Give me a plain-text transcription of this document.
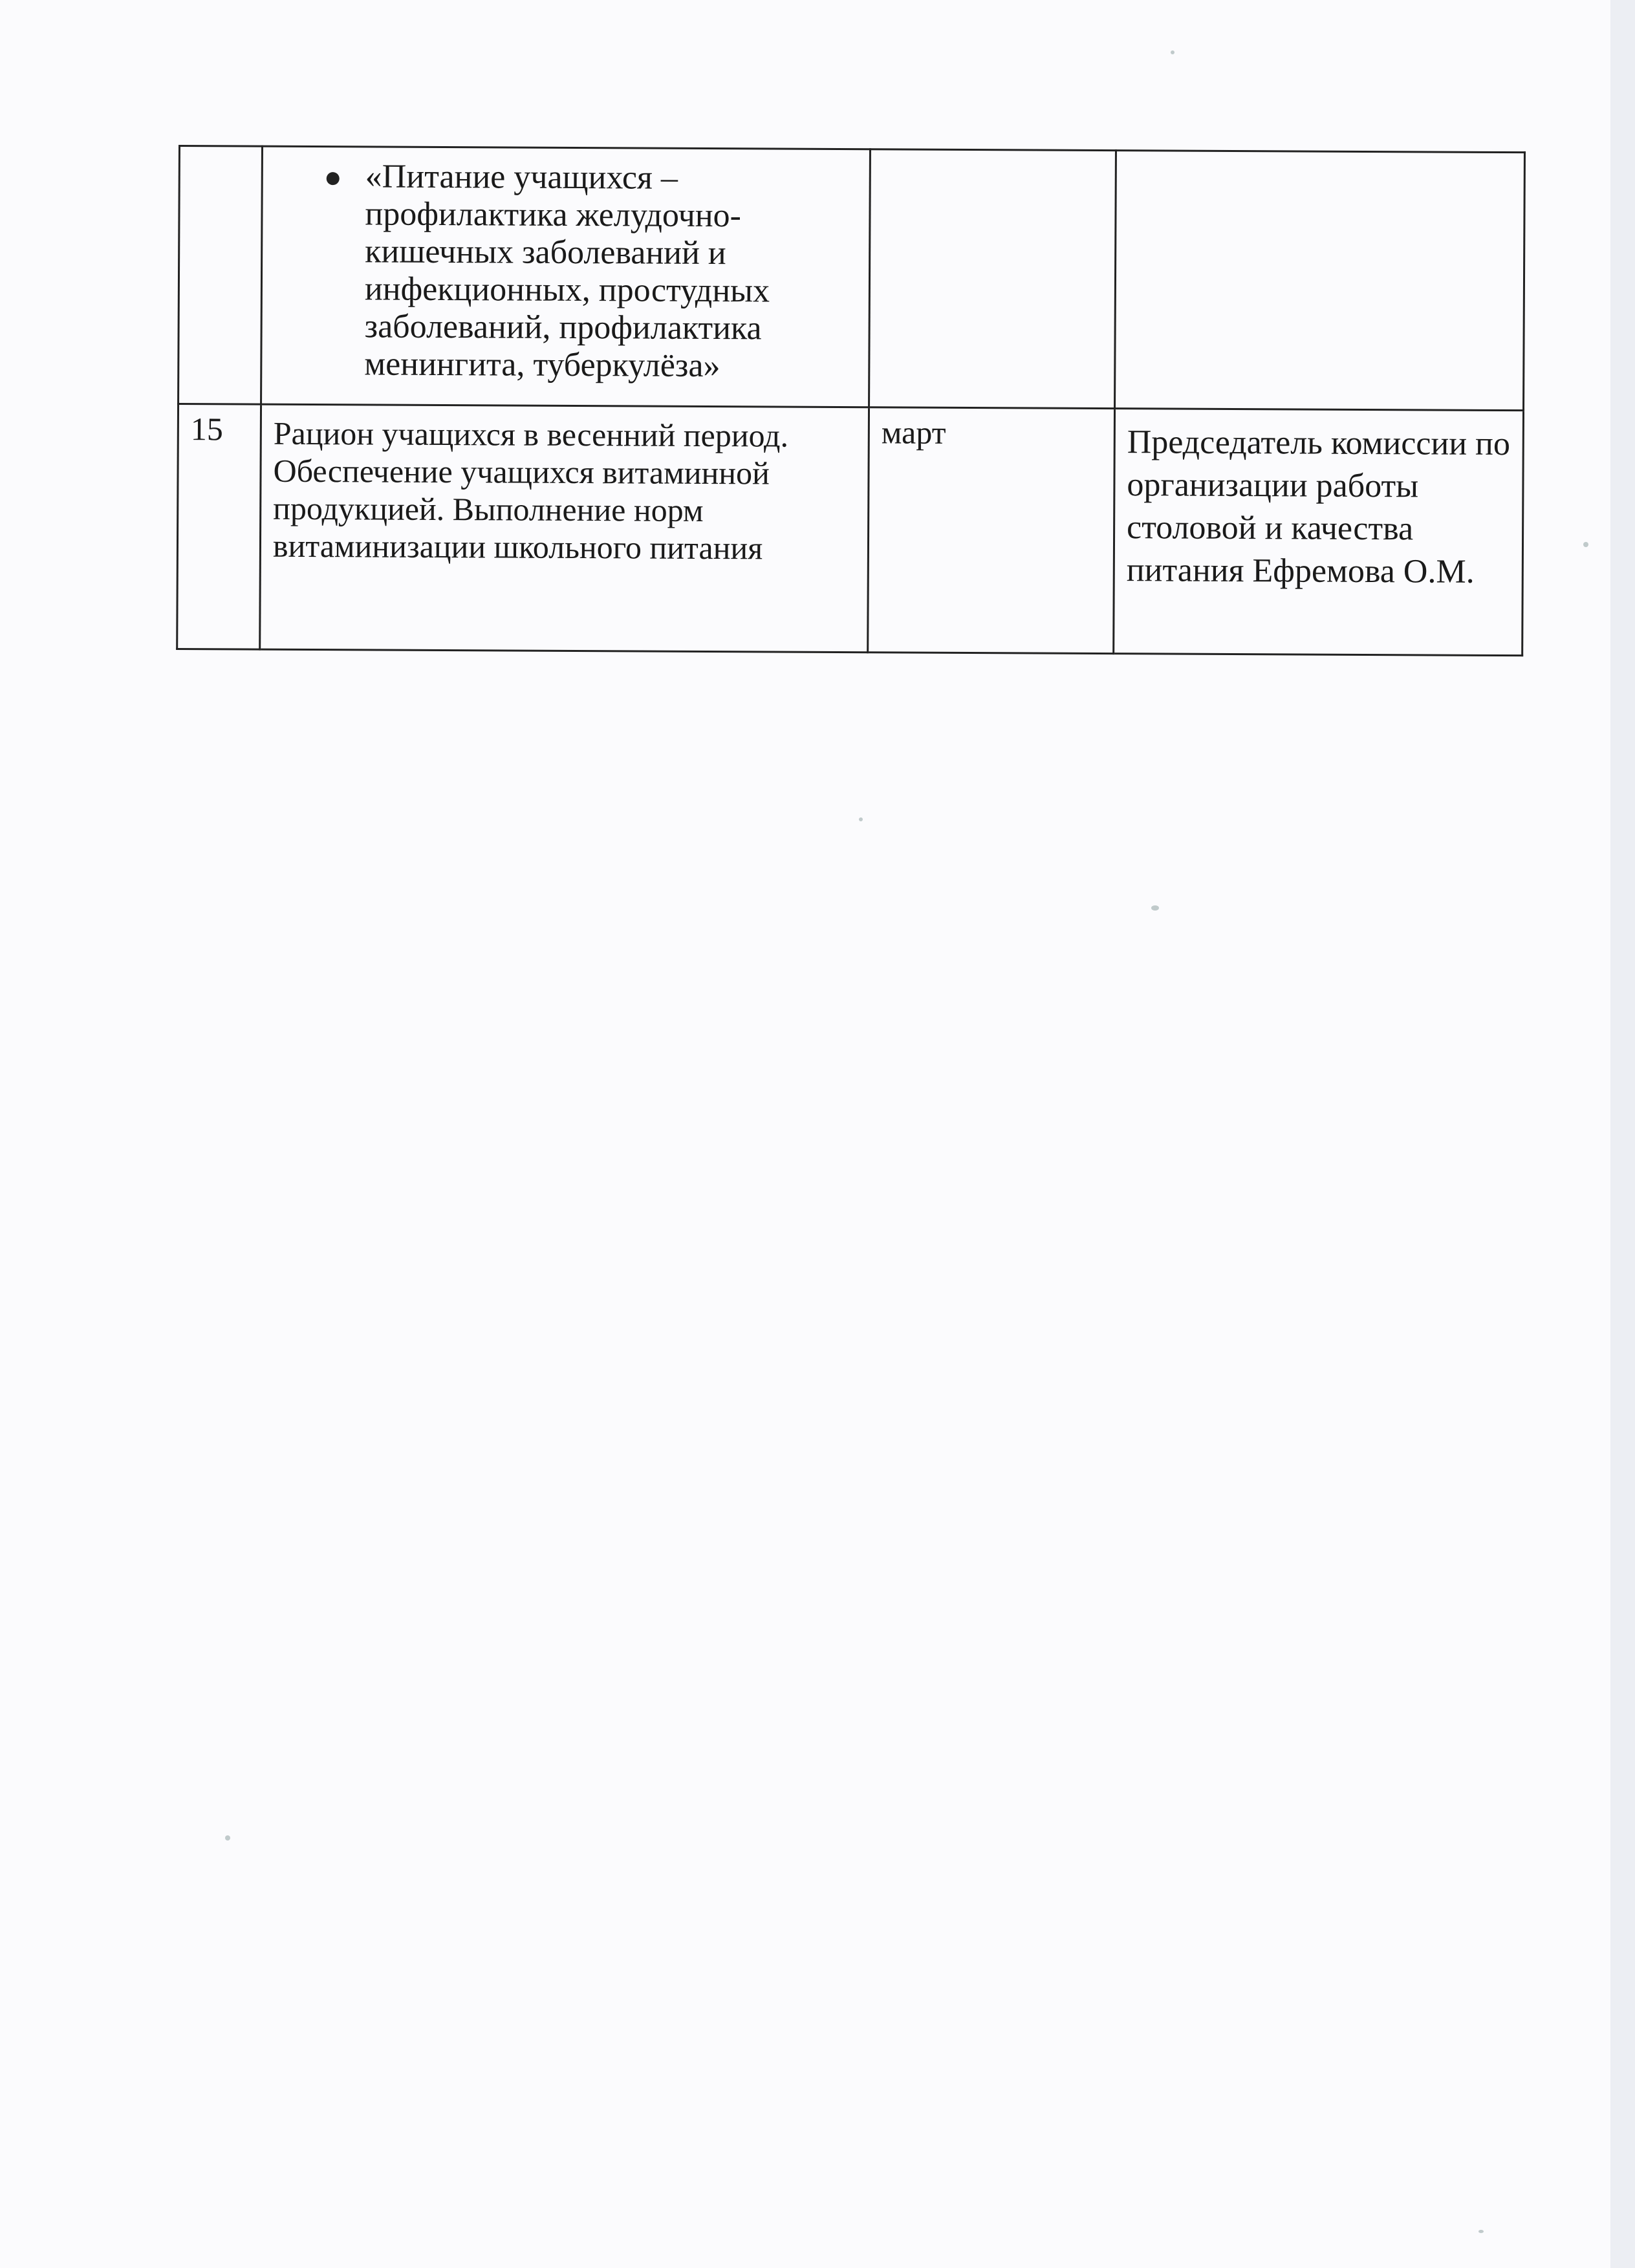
	«Питание учащихся – профилактика желудочно-кишечных заболеваний и инфекционных, простудных заболеваний, профилактика менингита, туберкулёза»		

15	Рацион учащихся в весенний период. Обеспечение учащихся витаминной продукцией. Выполнение норм витаминизации школьного питания	март	Председатель комиссии по организации работы столовой и качества питания Ефремова О.М.
